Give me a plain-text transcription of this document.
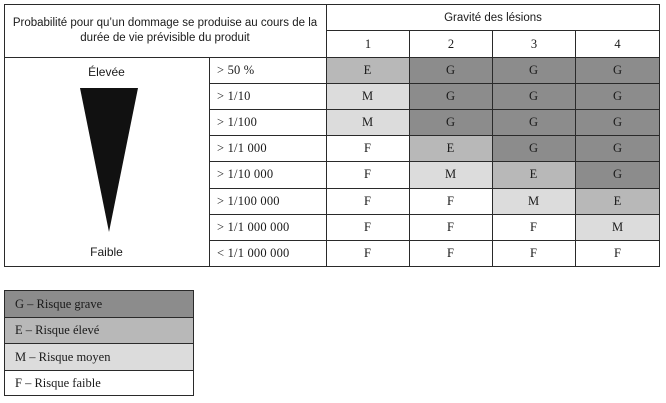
Probabilité pour qu’un dommage se produise au cours de la durée de vie prévisible du produit
Gravité des lésions
1	2	3	4
Élevée
Faible
> 50 %	E	G	G	G
> 1/10	M	G	G	G
> 1/100	M	G	G	G
> 1/1 000	F	E	G	G
> 1/10 000	F	M	E	G
> 1/100 000	F	F	M	E
> 1/1 000 000	F	F	F	M
< 1/1 000 000	F	F	F	F
G – Risque grave
E – Risque élevé
M – Risque moyen
F – Risque faible
